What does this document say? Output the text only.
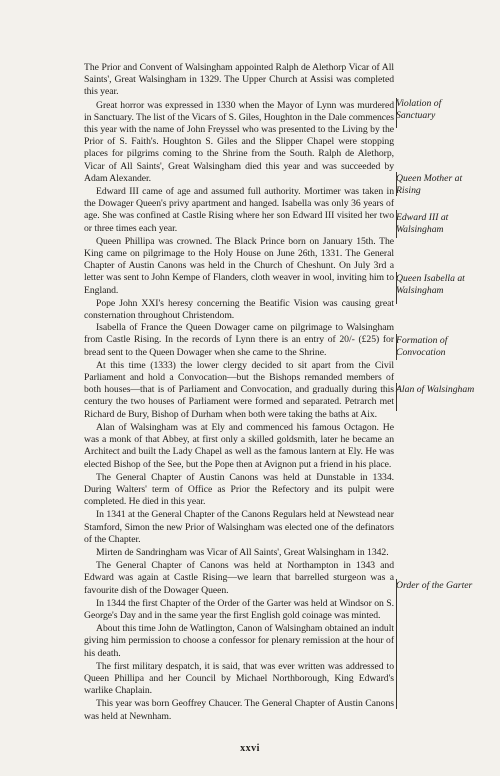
The Prior and Convent of Walsingham appointed Ralph de Alethorp Vicar of All Saints', Great Walsingham in 1329. The Upper Church at Assisi was completed this year.

Great horror was expressed in 1330 when the Mayor of Lynn was murdered in Sanctuary. The list of the Vicars of S. Giles, Houghton in the Dale commences this year with the name of John Freyssel who was presented to the Living by the Prior of S. Faith's. Houghton S. Giles and the Slipper Chapel were stopping places for pilgrims coming to the Shrine from the South. Ralph de Alethorp, Vicar of All Saints', Great Walsingham died this year and was succeeded by Adam Alexander.

Edward III came of age and assumed full authority. Mortimer was taken in the Dowager Queen's privy apartment and hanged. Isabella was only 36 years of age. She was confined at Castle Rising where her son Edward III visited her two or three times each year.

Queen Phillipa was crowned. The Black Prince born on January 15th. The King came on pilgrimage to the Holy House on June 26th, 1331. The General Chapter of Austin Canons was held in the Church of Cheshunt. On July 3rd a letter was sent to John Kempe of Flanders, cloth weaver in wool, inviting him to England.

Pope John XXI's heresy concerning the Beatific Vision was causing great consternation throughout Christendom.

Isabella of France the Queen Dowager came on pilgrimage to Walsingham from Castle Rising. In the records of Lynn there is an entry of 20/- (£25) for bread sent to the Queen Dowager when she came to the Shrine.

At this time (1333) the lower clergy decided to sit apart from the Civil Parliament and hold a Convocation—but the Bishops remanded members of both houses—that is of Parliament and Convocation, and gradually during this century the two houses of Parliament were formed and separated. Petrarch met Richard de Bury, Bishop of Durham when both were taking the baths at Aix.

Alan of Walsingham was at Ely and commenced his famous Octagon. He was a monk of that Abbey, at first only a skilled goldsmith, later he became an Architect and built the Lady Chapel as well as the famous lantern at Ely. He was elected Bishop of the See, but the Pope then at Avignon put a friend in his place.

The General Chapter of Austin Canons was held at Dunstable in 1334. During Walters' term of Office as Prior the Refectory and its pulpit were completed. He died in this year.

In 1341 at the General Chapter of the Canons Regulars held at Newstead near Stamford, Simon the new Prior of Walsingham was elected one of the definators of the Chapter.

Mirten de Sandringham was Vicar of All Saints', Great Walsingham in 1342.

The General Chapter of Canons was held at Northampton in 1343 and Edward was again at Castle Rising—we learn that barrelled sturgeon was a favourite dish of the Dowager Queen.

In 1344 the first Chapter of the Order of the Garter was held at Windsor on S. George's Day and in the same year the first English gold coinage was minted.

About this time John de Watlington, Canon of Walsingham obtained an indult giving him permission to choose a confessor for plenary remission at the hour of his death.

The first military despatch, it is said, that was ever written was addressed to Queen Phillipa and her Council by Michael Northborough, King Edward's warlike Chaplain.

This year was born Geoffrey Chaucer. The General Chapter of Austin Canons was held at Newnham.

Violation of Sanctuary
Queen Mother at Rising
Edward III at Walsingham
Queen Isabella at Walsingham
Formation of Convocation
Alan of Walsingham
Order of the Garter
xxvi
